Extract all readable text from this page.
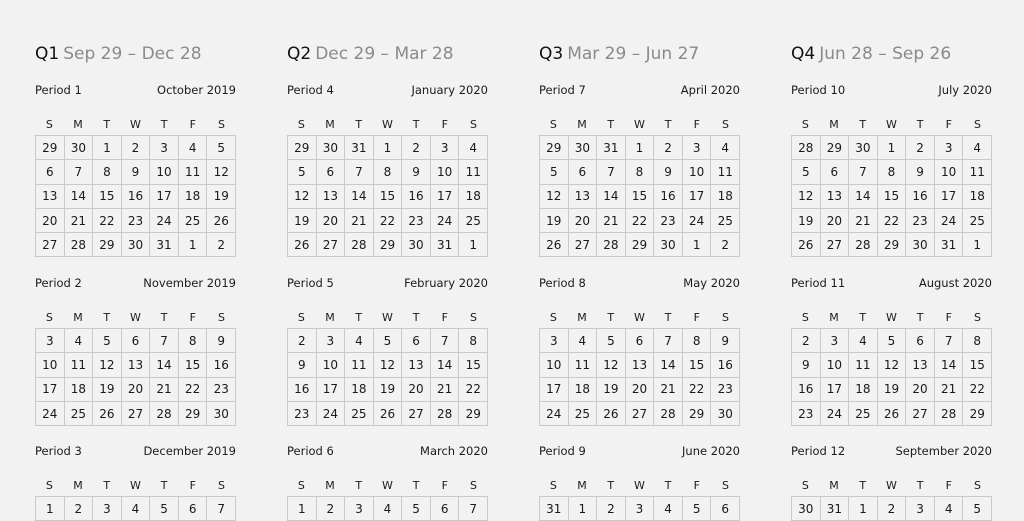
Q1 Sep 29 – Dec 28
Period 1	October 2019
S	M	T	W	T	F	S
29	30	1	2	3	4	5
6	7	8	9	10	11	12
13	14	15	16	17	18	19
20	21	22	23	24	25	26
27	28	29	30	31	1	2
Period 2	November 2019
S	M	T	W	T	F	S
3	4	5	6	7	8	9
10	11	12	13	14	15	16
17	18	19	20	21	22	23
24	25	26	27	28	29	30
Period 3	December 2019
S	M	T	W	T	F	S
1	2	3	4	5	6	7
Q2 Dec 29 – Mar 28
Period 4	January 2020
S	M	T	W	T	F	S
29	30	31	1	2	3	4
5	6	7	8	9	10	11
12	13	14	15	16	17	18
19	20	21	22	23	24	25
26	27	28	29	30	31	1
Period 5	February 2020
S	M	T	W	T	F	S
2	3	4	5	6	7	8
9	10	11	12	13	14	15
16	17	18	19	20	21	22
23	24	25	26	27	28	29
Period 6	March 2020
S	M	T	W	T	F	S
1	2	3	4	5	6	7
Q3 Mar 29 – Jun 27
Period 7	April 2020
S	M	T	W	T	F	S
29	30	31	1	2	3	4
5	6	7	8	9	10	11
12	13	14	15	16	17	18
19	20	21	22	23	24	25
26	27	28	29	30	1	2
Period 8	May 2020
S	M	T	W	T	F	S
3	4	5	6	7	8	9
10	11	12	13	14	15	16
17	18	19	20	21	22	23
24	25	26	27	28	29	30
Period 9	June 2020
S	M	T	W	T	F	S
31	1	2	3	4	5	6
Q4 Jun 28 – Sep 26
Period 10	July 2020
S	M	T	W	T	F	S
28	29	30	1	2	3	4
5	6	7	8	9	10	11
12	13	14	15	16	17	18
19	20	21	22	23	24	25
26	27	28	29	30	31	1
Period 11	August 2020
S	M	T	W	T	F	S
2	3	4	5	6	7	8
9	10	11	12	13	14	15
16	17	18	19	20	21	22
23	24	25	26	27	28	29
Period 12	September 2020
S	M	T	W	T	F	S
30	31	1	2	3	4	5
